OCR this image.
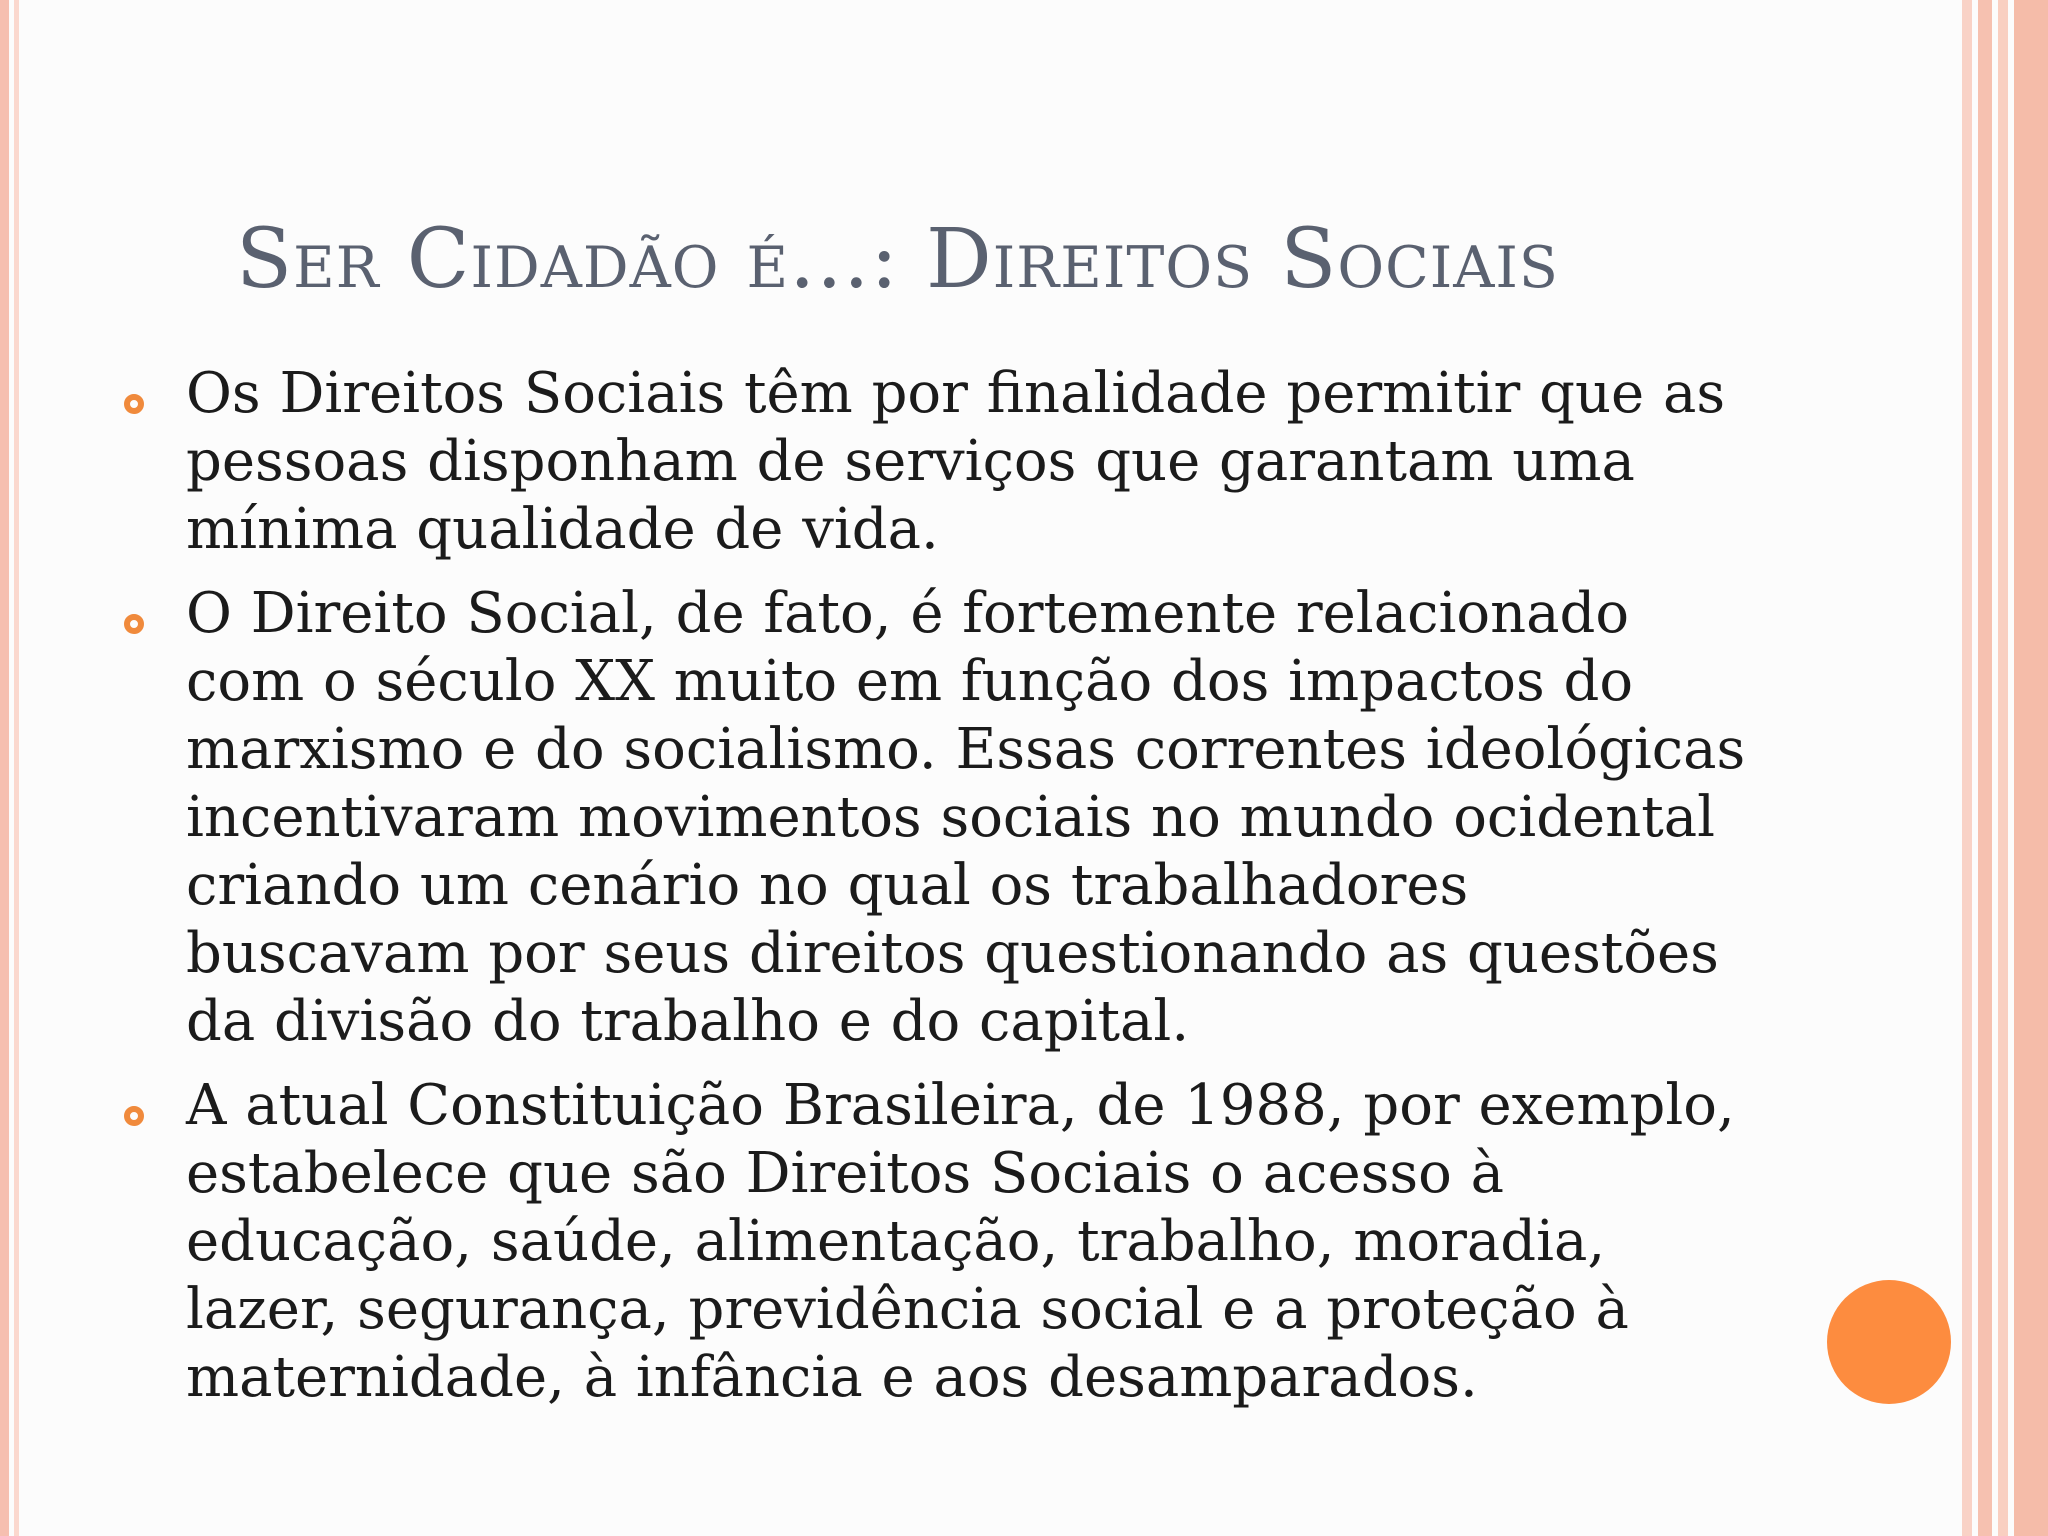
Ser Cidadão é...: Direitos Sociais
Os Direitos Sociais têm por finalidade permitir que as pessoas disponham de serviços que garantam uma mínima qualidade de vida.
O Direito Social, de fato, é fortemente relacionado com o século XX muito em função dos impactos do marxismo e do socialismo. Essas correntes ideológicas incentivaram movimentos sociais no mundo ocidental criando um cenário no qual os trabalhadores buscavam por seus direitos questionando as questões da divisão do trabalho e do capital.
A atual Constituição Brasileira, de 1988, por exemplo, estabelece que são Direitos Sociais o acesso à educação, saúde, alimentação, trabalho, moradia, lazer, segurança, previdência social e a proteção à maternidade, à infância e aos desamparados.
